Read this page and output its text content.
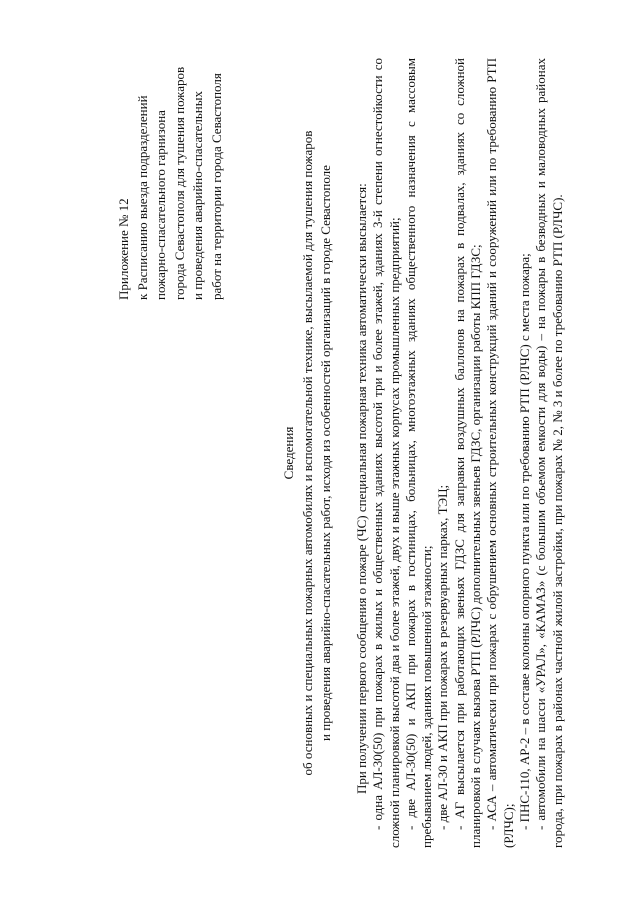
Приложение № 12 к Расписанию выезда подразделений пожарно-спасательного гарнизона города Севастополя для тушения пожаров и проведения аварийно-спасательных работ на территории города Севастополя
Сведения об основных и специальных пожарных автомобилях и вспомогательной технике, высылаемой для тушения пожаров и проведения аварийно-спасательных работ, исходя из особенностей организаций в городе Севастополе При получении первого сообщения о пожаре (ЧС) специальная пожарная техника автоматически высылается: - одна АЛ-30(50) при пожарах в жилых и общественных зданиях высотой три и более этажей, зданиях 3-й степени огнестойкости со сложной планировкой высотой два и более этажей, двух и выше этажных корпусах промышленных предприятий; - две АЛ-30(50) и АКП при пожарах в гостиницах, больницах, многоэтажных зданиях общественного назначения с массовым пребыванием людей, зданиях повышенной этажности; - две АЛ-30 и АКП при пожарах в резервуарных парках, ТЭЦ; - АГ высылается при работающих звеньях ГДЗС для заправки воздушных баллонов на пожарах в подвалах, зданиях со сложной планировкой в случаях вызова РТП (РЛЧС) дополнительных звеньев ГДЗС, организации работы КПП ГДЗС; - АСА – автоматически при пожарах с обрушением основных строительных конструкций зданий и сооружений или по требованию РТП (РЛЧС); - ПНС-110, АР-2 – в составе колонны опорного пункта или по требованию РТП (РЛЧС) с места пожара; - автомобили на шасси «УРАЛ», «КАМАЗ» (с большим объемом емкости для воды) – на пожары в безводных и маловодных районах города, при пожарах в районах частной жилой застройки, при пожарах № 2, № 3 и более по требованию РТП (РЛЧС).
